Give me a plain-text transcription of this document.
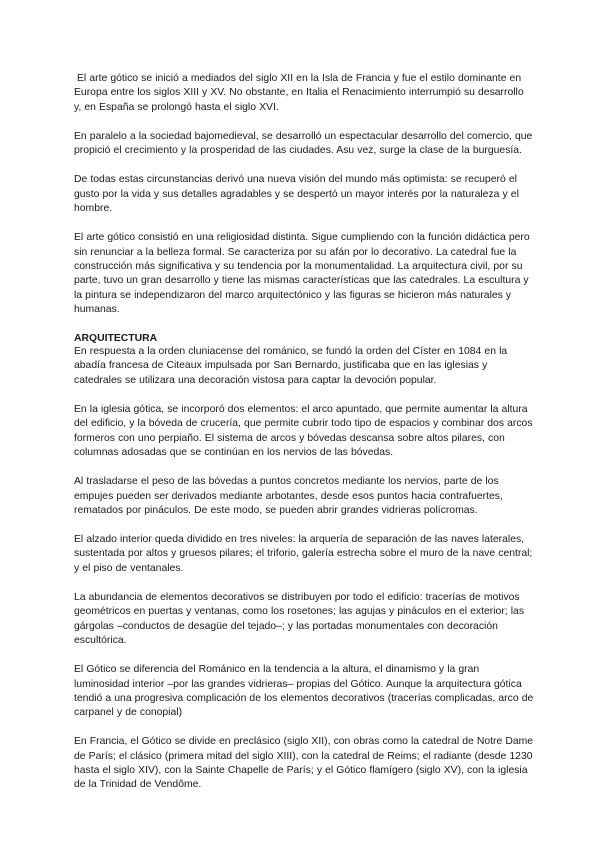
El arte gótico se inició a mediados del siglo XII en la Isla de Francia y fue el estilo dominante en Europa entre los siglos XIII y XV. No obstante, en Italia el Renacimiento interrumpió su desarrollo y, en España se prolongó hasta el siglo XVI.

En paralelo a la sociedad bajomedieval, se desarrolló un espectacular desarrollo del comercio, que propició el crecimiento y la prosperidad de las ciudades. Asu vez, surge la clase de la burguesía.

De todas estas circunstancias derivó una nueva visión del mundo más optimista: se recuperó el gusto por la vida y sus detalles agradables y se despertó un mayor interés por la naturaleza y el hombre.

El arte gótico consistió en una religiosidad distinta. Sigue cumpliendo con la función didáctica pero sin renunciar a la belleza formal. Se caracteriza por su afán por lo decorativo. La catedral fue la construcción más significativa y su tendencia por la monumentalidad. La arquitectura civil, por su parte, tuvo un gran desarrollo y tiene las mismas características que las catedrales. La escultura y la pintura se independizaron del marco arquitectónico y las figuras se hicieron más naturales y humanas.

ARQUITECTURA

En respuesta a la orden cluniacense del románico, se fundó la orden del Císter en 1084 en la abadía francesa de Citeaux impulsada por San Bernardo, justificaba que en las iglesias y catedrales se utilizara una decoración vistosa para captar la devoción popular.

En la iglesia gótica, se incorporó dos elementos: el arco apuntado, que permite aumentar la altura del edificio, y la bóveda de crucería, que permite cubrir todo tipo de espacios y combinar dos arcos formeros con uno perpiaño. El sistema de arcos y bóvedas descansa sobre altos pilares, con columnas adosadas que se continúan en los nervios de las bóvedas.

Al trasladarse el peso de las bóvedas a puntos concretos mediante los nervios, parte de los empujes pueden ser derivados mediante arbotantes, desde esos puntos hacia contrafuertes, rematados por pináculos. De este modo, se pueden abrir grandes vidrieras polícromas.

El alzado interior queda dividido en tres niveles: la arquería de separación de las naves laterales, sustentada por altos y gruesos pilares; el triforio, galería estrecha sobre el muro de la nave central; y el piso de ventanales.

La abundancia de elementos decorativos se distribuyen por todo el edificio: tracerías de motivos geométricos en puertas y ventanas, como los rosetones; las agujas y pináculos en el exterior; las gárgolas –conductos de desagüe del tejado–; y las portadas monumentales con decoración escultórica.

El Gótico se diferencia del Románico en la tendencia a la altura, el dinamismo y la gran luminosidad interior –por las grandes vidrieras– propias del Gótico. Aunque la arquitectura gótica tendió a una progresiva complicación de los elementos decorativos (tracerías complicadas, arco de carpanel y de conopial)

En Francia, el Gótico se divide en preclásico (siglo XII), con obras como la catedral de Notre Dame de París; el clásico (primera mitad del siglo XIII), con la catedral de Reims; el radiante (desde 1230 hasta el siglo XIV), con la Sainte Chapelle de París; y el Gótico flamígero (siglo XV), con la iglesia de la Trinidad de Vendôme.
